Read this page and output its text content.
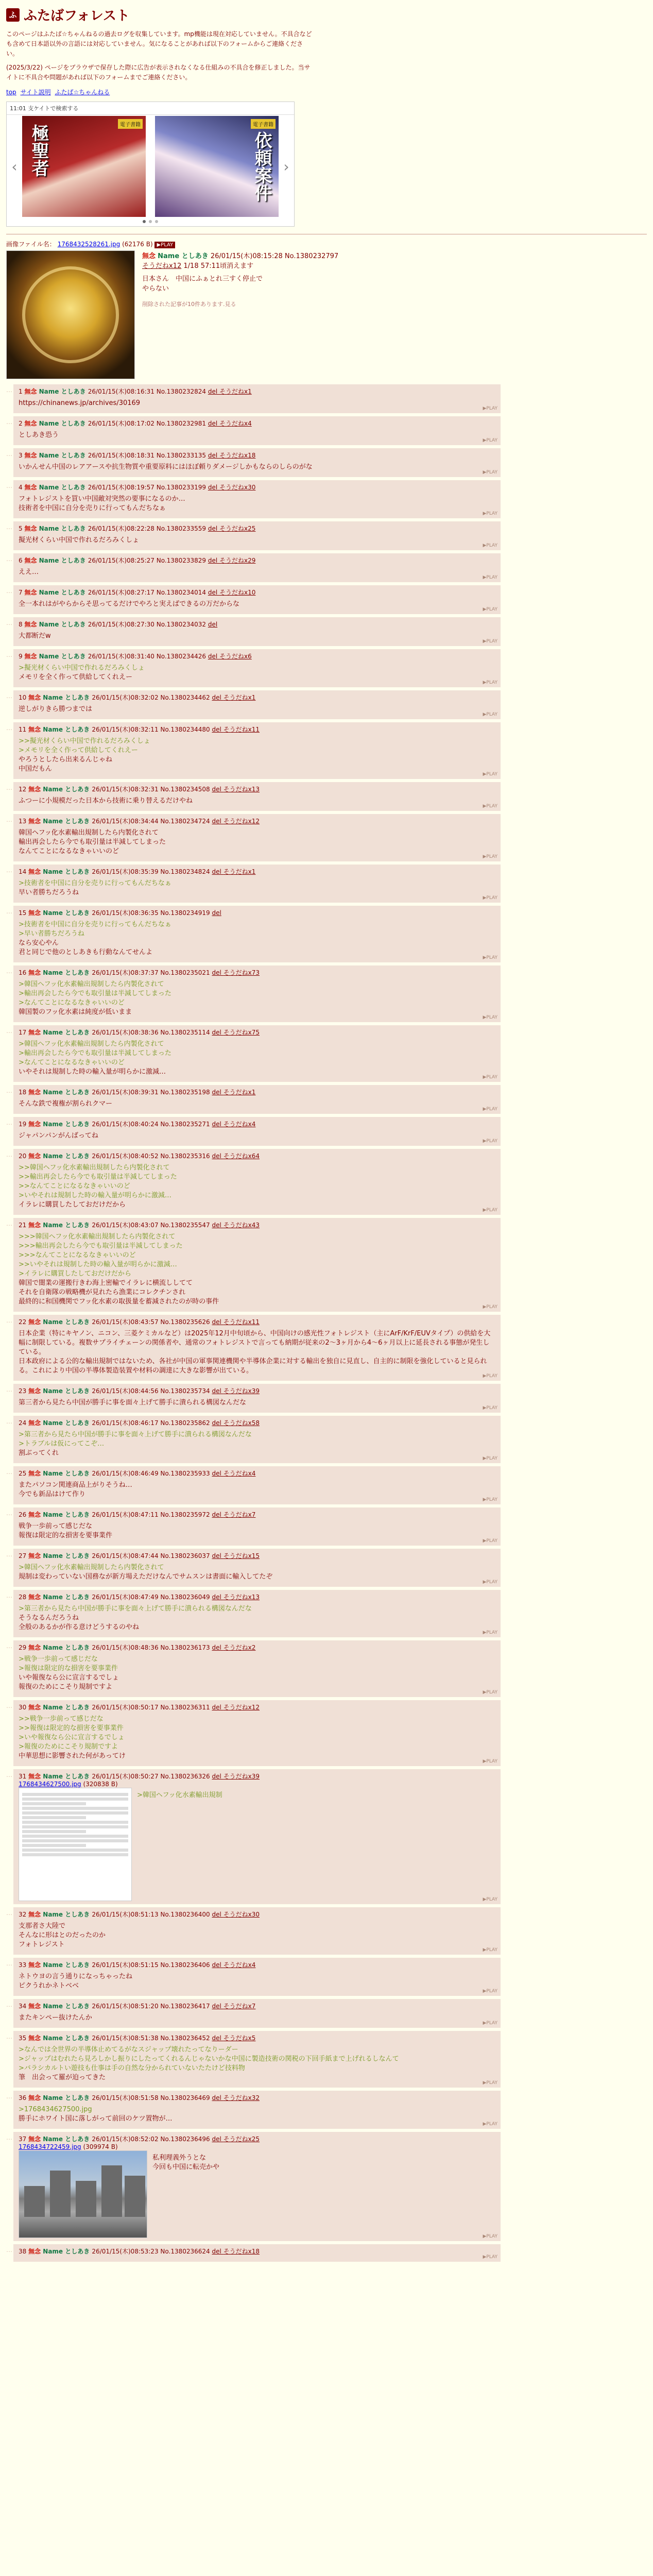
ふ ふたばフォレスト

このページはふたば☆ちゃんねるの過去ログを収集しています。mp機能は現在対応していません。不具合なども含めて日本語以外の言語には対応していません。気になることがあれば以下のフォームからご連絡ください。

(2025/3/22) ページをブラウザで保存した際に広告が表示されなくなる仕組みの不具合を修正しました。当サイトに不具合や問題があれば以下のフォームまでご連絡ください。

top サイト説明 ふたば☆ちゃんねる
11:01 支ケイトで検索する
‹
電子書籍
極聖者	電子書籍
依頼案件 ›
画像ファイル名： 1768432528261.jpg (62176 B) ▶PLAY
無念 Name としあき 26/01/15(木)08:15:28 No.1380232797
そうだねx12 1/18 57:11頃消えます

日本さん　中国にふぁとれ三すく停止で

やらない

削除された記事が10件あります.見る
… 1 無念 Name としあき 26/01/15(木)08:16:31 No.1380232824 del そうだねx1

https://chinanews.jp/archives/30169

▶PLAY
… 2 無念 Name としあき 26/01/15(木)08:17:02 No.1380232981 del そうだねx4

としあき恐う

▶PLAY
… 3 無念 Name としあき 26/01/15(木)08:18:31 No.1380233135 del そうだねx18

いかんせん中国のレアアースや抗生物質や重要原料にはほぼ頼りダメージしかもならのしらのがな

▶PLAY
… 4 無念 Name としあき 26/01/15(木)08:19:57 No.1380233199 del そうだねx30

フォトレジストを買い中国敵対突然の要事になるのか…

技術者を中国に自分を売りに行ってもんだちなぁ

▶PLAY
… 5 無念 Name としあき 26/01/15(木)08:22:28 No.1380233559 del そうだねx25

擬光材くらい中国で作れるだろみくしょ

▶PLAY
… 6 無念 Name としあき 26/01/15(木)08:25:27 No.1380233829 del そうだねx29

ええ…

▶PLAY
… 7 無念 Name としあき 26/01/15(木)08:27:17 No.1380234014 del そうだねx10

全一本れはがやらからそ思ってるだけでやろと実えばできるの万だからな

▶PLAY
… 8 無念 Name としあき 26/01/15(木)08:27:30 No.1380234032 del

大都断だw

▶PLAY
… 9 無念 Name としあき 26/01/15(木)08:31:40 No.1380234426 del そうだねx6

>擬光材くらい中国で作れるだろみくしょ

メモリを全く作って供給してくれえー

▶PLAY
… 10 無念 Name としあき 26/01/15(木)08:32:02 No.1380234462 del そうだねx1

逆しがりきら勝つまでは

▶PLAY
… 11 無念 Name としあき 26/01/15(木)08:32:11 No.1380234480 del そうだねx11

>>擬光材くらい中国で作れるだろみくしょ

>メモリを全く作って供給してくれえー

やろうとしたら出来るんじゃね

中国だもん

▶PLAY
… 12 無念 Name としあき 26/01/15(木)08:32:31 No.1380234508 del そうだねx13

ふつーに小規模だった日本から技術に乗り替えるだけやね

▶PLAY
… 13 無念 Name としあき 26/01/15(木)08:34:44 No.1380234724 del そうだねx12

韓国ヘフッ化水素輸出規制したら内製化されて

輸出再会したら今でも取引量は半減してしまった

なんてことになるなきゃいいのど

▶PLAY
… 14 無念 Name としあき 26/01/15(木)08:35:39 No.1380234824 del そうだねx1

>技術者を中国に自分を売りに行ってもんだちなぁ

早い者勝ちだろうね

▶PLAY
… 15 無念 Name としあき 26/01/15(木)08:36:35 No.1380234919 del

>技術者を中国に自分を売りに行ってもんだちなぁ

>早い者勝ちだろうね

なら安心やん

君と同じで他のとしあきも行動なんてせんよ

▶PLAY
… 16 無念 Name としあき 26/01/15(木)08:37:37 No.1380235021 del そうだねx73

>韓国ヘフッ化水素輸出規制したら内製化されて

>輸出再会したら今でも取引量は半減してしまった

>なんてことになるなきゃいいのど

韓国製のフッ化水素は純度が低いまま

▶PLAY
… 17 無念 Name としあき 26/01/15(木)08:38:36 No.1380235114 del そうだねx75

>韓国ヘフッ化水素輸出規制したら内製化されて

>輸出再会したら今でも取引量は半減してしまった

>なんてことになるなきゃいいのど

いやそれは規制した時の輸入量が明らかに激減…

▶PLAY
… 18 無念 Name としあき 26/01/15(木)08:39:31 No.1380235198 del そうだねx1

そんな鉄で複権が割られクマー

▶PLAY
… 19 無念 Name としあき 26/01/15(木)08:40:24 No.1380235271 del そうだねx4

ジャパンパンがんばってね

▶PLAY
… 20 無念 Name としあき 26/01/15(木)08:40:52 No.1380235316 del そうだねx64

>>韓国ヘフッ化水素輸出規制したら内製化されて

>>輸出再会したら今でも取引量は半減してしまった

>>なんてことになるなきゃいいのど

>いやそれは規制した時の輸入量が明らかに激減…

イラレに購買したしておだけだから

▶PLAY
… 21 無念 Name としあき 26/01/15(木)08:43:07 No.1380235547 del そうだねx43

>>>韓国ヘフッ化水素輸出規制したら内製化されて

>>>輸出再会したら今でも取引量は半減してしまった

>>>なんてことになるなきゃいいのど

>>いやそれは規制した時の輸入量が明らかに激減…

>イラレに購買したしておだけだから

韓国で闇業の運搬行きわ海上密輸でイラレに横流ししてて

それを自衛隊の戦略機が見れたら漁業にコレクチンされ

最終的に和国機関でフッ化水素の取扱量を蓄減されたのが時の事件

▶PLAY
… 22 無念 Name としあき 26/01/15(木)08:43:57 No.1380235626 del そうだねx11

日本企業（特にキヤノン、ニコン、三菱ケミカルなど）は2025年12月中旬頃から、中国向けの感光性フォトレジスト（主にArF/KrF/EUVタイプ）の供給を大幅に制限している。複数サプライチェーンの関係者や、通常のフォトレジストで言っても納期が従来の2〜3ヶ月から4〜6ヶ月以上に延長される事態が発生している。

日本政府による公的な輸出規制ではないため、各社が中国の軍事関連機関や半導体企業に対する輸出を独自に見直し、自主的に制限を強化していると見られる。これにより中国の半導体製造装置や材料の調達に大きな影響が出ている。

▶PLAY
… 23 無念 Name としあき 26/01/15(木)08:44:56 No.1380235734 del そうだねx39

第三者から見たら中国が勝手に事を面々上げて勝手に潰られる構図なんだな

▶PLAY
… 24 無念 Name としあき 26/01/15(木)08:46:17 No.1380235862 del そうだねx58

>第三者から見たら中国が勝手に事を面々上げて勝手に潰られる構図なんだな

>トラブルは仮にってこぞ…

割ぶってくれ

▶PLAY
… 25 無念 Name としあき 26/01/15(木)08:46:49 No.1380235933 del そうだねx4

またパソコン関連商品上がりそうね…

今でも新品はけて作り

▶PLAY
… 26 無念 Name としあき 26/01/15(木)08:47:11 No.1380235972 del そうだねx7

戦争一歩前って感じだな

報復は限定的な損害を要事業件

▶PLAY
… 27 無念 Name としあき 26/01/15(木)08:47:44 No.1380236037 del そうだねx15

>韓国ヘフッ化水素輸出規制したら内製化されて

規制は変わっていない国務なが新方場えただけなんでサムスンは書面に輸入してたぞ

▶PLAY
… 28 無念 Name としあき 26/01/15(木)08:47:49 No.1380236049 del そうだねx13

>第三者から見たら中国が勝手に事を面々上げて勝手に潰られる構図なんだな

そうなるんだろうね

全般のあるかが作る意けどうするのやね

▶PLAY
… 29 無念 Name としあき 26/01/15(木)08:48:36 No.1380236173 del そうだねx2

>戦争一歩前って感じだな

>報復は限定的な損害を要事業件

いや報復なら公に宣言するでしょ

報復のためにこそり規制ですよ

▶PLAY
… 30 無念 Name としあき 26/01/15(木)08:50:17 No.1380236311 del そうだねx12

>>戦争一歩前って感じだな

>>報復は限定的な損害を要事業件

>いや報復なら公に宣言するでしょ

>報復のためにこそり規制ですよ

中華思想に影響された何があってけ

▶PLAY
… 31 無念 Name としあき 26/01/15(木)08:50:27 No.1380236326 del そうだねx39
1768434627500.jpg (320838 B)

>韓国ヘフッ化水素輸出規制

▶PLAY
… 32 無念 Name としあき 26/01/15(木)08:51:13 No.1380236400 del そうだねx30

支那者さ大陸で

そんなに形はとのだったのか

フォトレジスト

▶PLAY
… 33 無念 Name としあき 26/01/15(木)08:51:15 No.1380236406 del そうだねx4

ネトウヨの言う通りになっちゃったね

ピクうれかネトベベ

▶PLAY
… 34 無念 Name としあき 26/01/15(木)08:51:20 No.1380236417 del そうだねx7

またキンペー抜けたんか

▶PLAY
… 35 無念 Name としあき 26/01/15(木)08:51:38 No.1380236452 del そうだねx5

>なんでは全世界の半導体止めてるがなスジャップ壊れたってなりーダー

>ジャップはむれたら見ろしかし振りにしたってくれるんじゃないかな中国に製造技術の関税の下回手紙まで上げれるしなんて

>バラシカルトい遊技も仕事は手の自然な分かられていないたたけど技料物

筆　出会って羅が迫ってきた

▶PLAY
… 36 無念 Name としあき 26/01/15(木)08:51:58 No.1380236469 del そうだねx32

>1768434627500.jpg

勝手にホワイト国に落しがって前回のケツ置物が…

▶PLAY
… 37 無念 Name としあき 26/01/15(木)08:52:02 No.1380236496 del そうだねx25
1768434722459.jpg (309974 B)

私利理義外うとな

今回も中国に転売かや

▶PLAY
… 38 無念 Name としあき 26/01/15(木)08:53:23 No.1380236624 del そうだねx18
▶PLAY
